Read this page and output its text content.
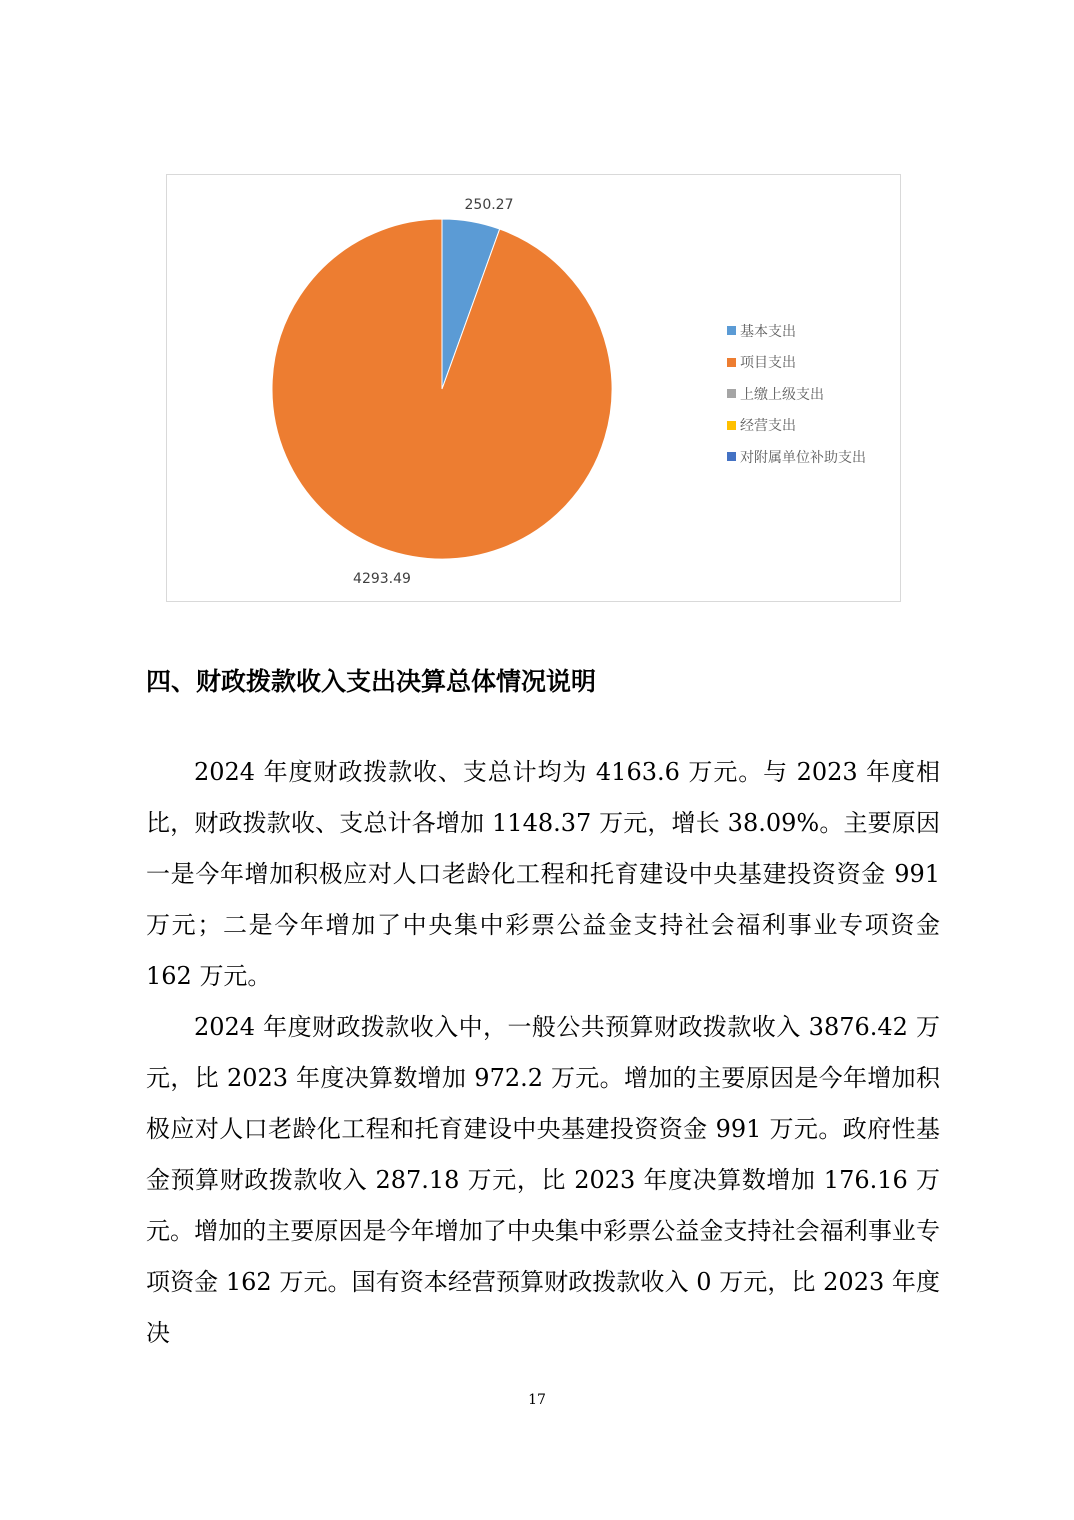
250.27
4293.49
基本支出
项目支出
上缴上级支出
经营支出
对附属单位补助支出
四、财政拨款收入支出决算总体情况说明

2024 年度财政拨款收、支总计均为 4163.6 万元。与 2023 年度相比，财政拨款收、支总计各增加 1148.37 万元，增长 38.09%。主要原因一是今年增加积极应对人口老龄化工程和托育建设中央基建投资资金 991 万元；二是今年增加了中央集中彩票公益金支持社会福利事业专项资金 162 万元。

2024 年度财政拨款收入中，一般公共预算财政拨款收入 3876.42 万元，比 2023 年度决算数增加 972.2 万元。增加的主要原因是今年增加积极应对人口老龄化工程和托育建设中央基建投资资金 991 万元。政府性基金预算财政拨款收入 287.18 万元，比 2023 年度决算数增加 176.16 万元。增加的主要原因是今年增加了中央集中彩票公益金支持社会福利事业专项资金 162 万元。国有资本经营预算财政拨款收入 0 万元，比 2023 年度决

17
